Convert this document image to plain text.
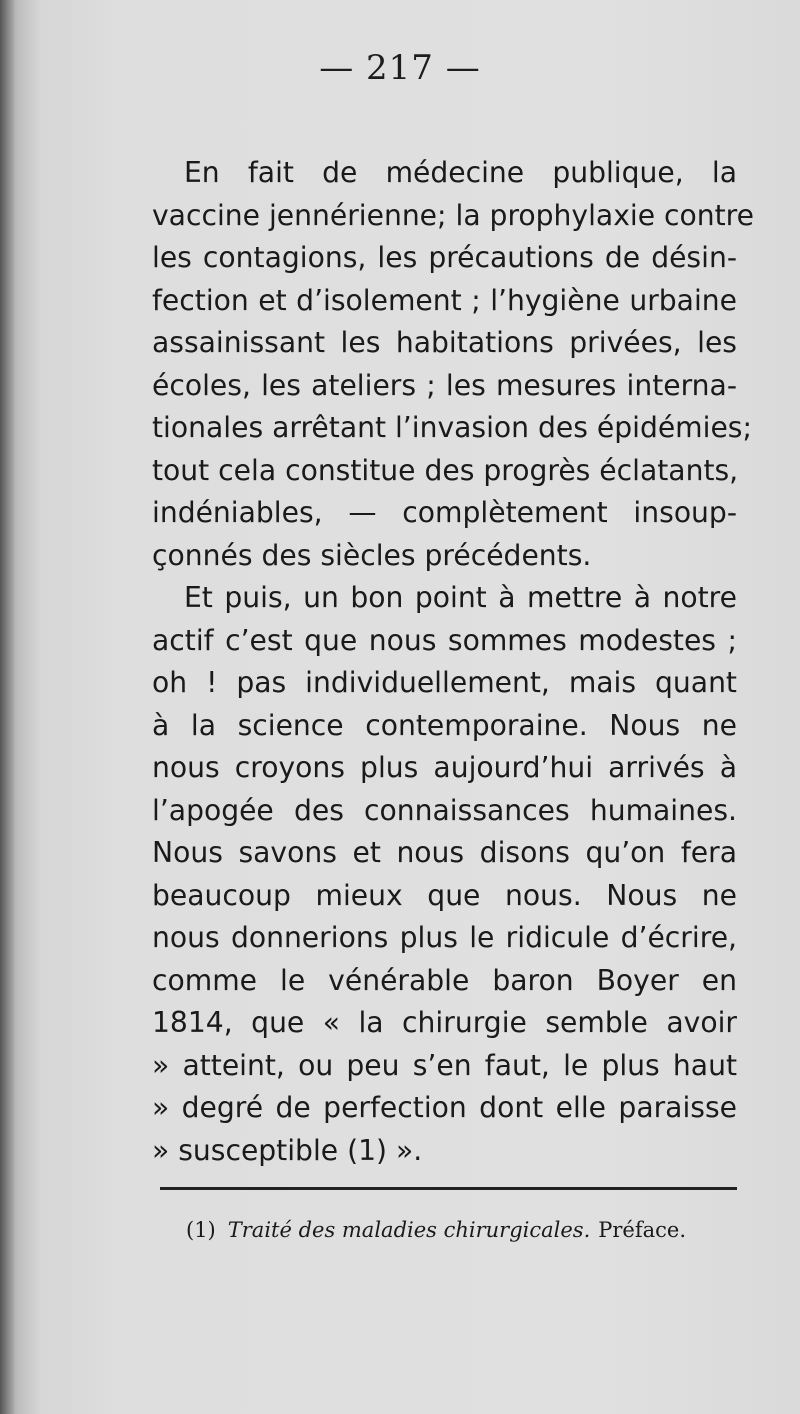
— 217 —
En fait de médecine publique, la
vaccine jennérienne; la prophylaxie contre
les contagions, les précautions de désin-
fection et d’isolement ; l’hygiène urbaine
assainissant les habitations privées, les
écoles, les ateliers ; les mesures interna-
tionales arrêtant l’invasion des épidémies;
tout cela constitue des progrès éclatants,
indéniables, — complètement insoup-
çonnés des siècles précédents.
Et puis, un bon point à mettre à notre
actif c’est que nous sommes modestes ;
oh ! pas individuellement, mais quant
à la science contemporaine. Nous ne
nous croyons plus aujourd’hui arrivés à
l’apogée des connaissances humaines.
Nous savons et nous disons qu’on fera
beaucoup mieux que nous. Nous ne
nous donnerions plus le ridicule d’écrire,
comme le vénérable baron Boyer en
1814, que « la chirurgie semble avoir
» atteint, ou peu s’en faut, le plus haut
» degré de perfection dont elle paraisse
» susceptible (1) ».
(1) Traité des maladies chirurgicales. Préface.
